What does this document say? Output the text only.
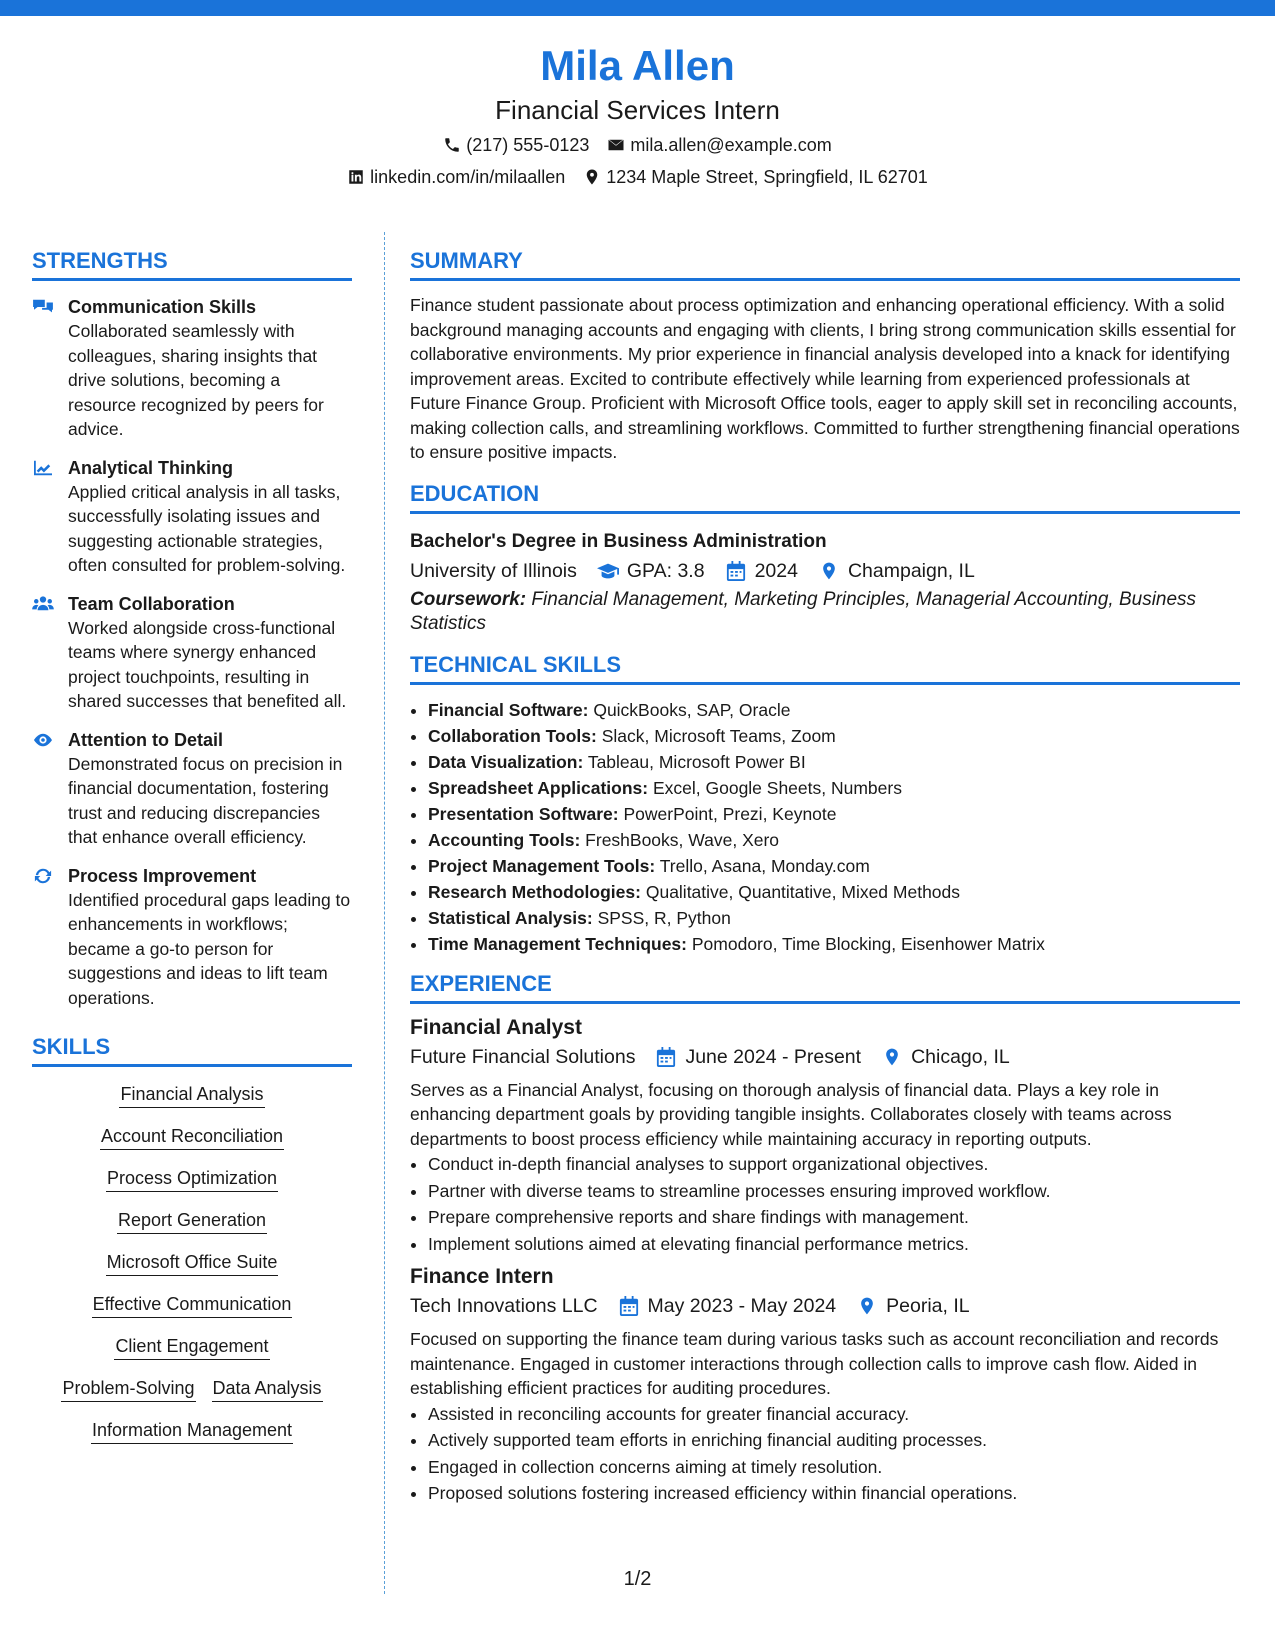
Mila Allen
Financial Services Intern
(217) 555-0123 mila.allen@example.com
linkedin.com/in/milaallen 1234 Maple Street, Springfield, IL 62701
STRENGTHS
Communication Skills
Collaborated seamlessly with colleagues, sharing insights that drive solutions, becoming a resource recognized by peers for advice.
Analytical Thinking
Applied critical analysis in all tasks, successfully isolating issues and suggesting actionable strategies, often consulted for problem-solving.
Team Collaboration
Worked alongside cross-functional teams where synergy enhanced project touchpoints, resulting in shared successes that benefited all.
Attention to Detail
Demonstrated focus on precision in financial documentation, fostering trust and reducing discrepancies that enhance overall efficiency.
Process Improvement
Identified procedural gaps leading to enhancements in workflows; became a go-to person for suggestions and ideas to lift team operations.
SKILLS
Financial Analysis
Account Reconciliation
Process Optimization
Report Generation
Microsoft Office Suite
Effective Communication
Client Engagement
Problem-Solving Data Analysis
Information Management
SUMMARY
Finance student passionate about process optimization and enhancing operational efficiency. With a solid background managing accounts and engaging with clients, I bring strong communication skills essential for collaborative environments. My prior experience in financial analysis developed into a knack for identifying improvement areas. Excited to contribute effectively while learning from experienced professionals at Future Finance Group. Proficient with Microsoft Office tools, eager to apply skill set in reconciling accounts, making collection calls, and streamlining workflows. Committed to further strengthening financial operations to ensure positive impacts.
EDUCATION
Bachelor's Degree in Business Administration
University of Illinois	GPA: 3.8	2024	Champaign, IL
Coursework: Financial Management, Marketing Principles, Managerial Accounting, Business Statistics
TECHNICAL SKILLS
• Financial Software: QuickBooks, SAP, Oracle
• Collaboration Tools: Slack, Microsoft Teams, Zoom
• Data Visualization: Tableau, Microsoft Power BI
• Spreadsheet Applications: Excel, Google Sheets, Numbers
• Presentation Software: PowerPoint, Prezi, Keynote
• Accounting Tools: FreshBooks, Wave, Xero
• Project Management Tools: Trello, Asana, Monday.com
• Research Methodologies: Qualitative, Quantitative, Mixed Methods
• Statistical Analysis: SPSS, R, Python
• Time Management Techniques: Pomodoro, Time Blocking, Eisenhower Matrix
EXPERIENCE
Financial Analyst
Future Financial Solutions	June 2024 - Present	Chicago, IL
Serves as a Financial Analyst, focusing on thorough analysis of financial data. Plays a key role in enhancing department goals by providing tangible insights. Collaborates closely with teams across departments to boost process efficiency while maintaining accuracy in reporting outputs.
• Conduct in-depth financial analyses to support organizational objectives.
• Partner with diverse teams to streamline processes ensuring improved workflow.
• Prepare comprehensive reports and share findings with management.
• Implement solutions aimed at elevating financial performance metrics.
Finance Intern
Tech Innovations LLC	May 2023 - May 2024	Peoria, IL
Focused on supporting the finance team during various tasks such as account reconciliation and records maintenance. Engaged in customer interactions through collection calls to improve cash flow. Aided in establishing efficient practices for auditing procedures.
• Assisted in reconciling accounts for greater financial accuracy.
• Actively supported team efforts in enriching financial auditing processes.
• Engaged in collection concerns aiming at timely resolution.
• Proposed solutions fostering increased efficiency within financial operations.
1/2
